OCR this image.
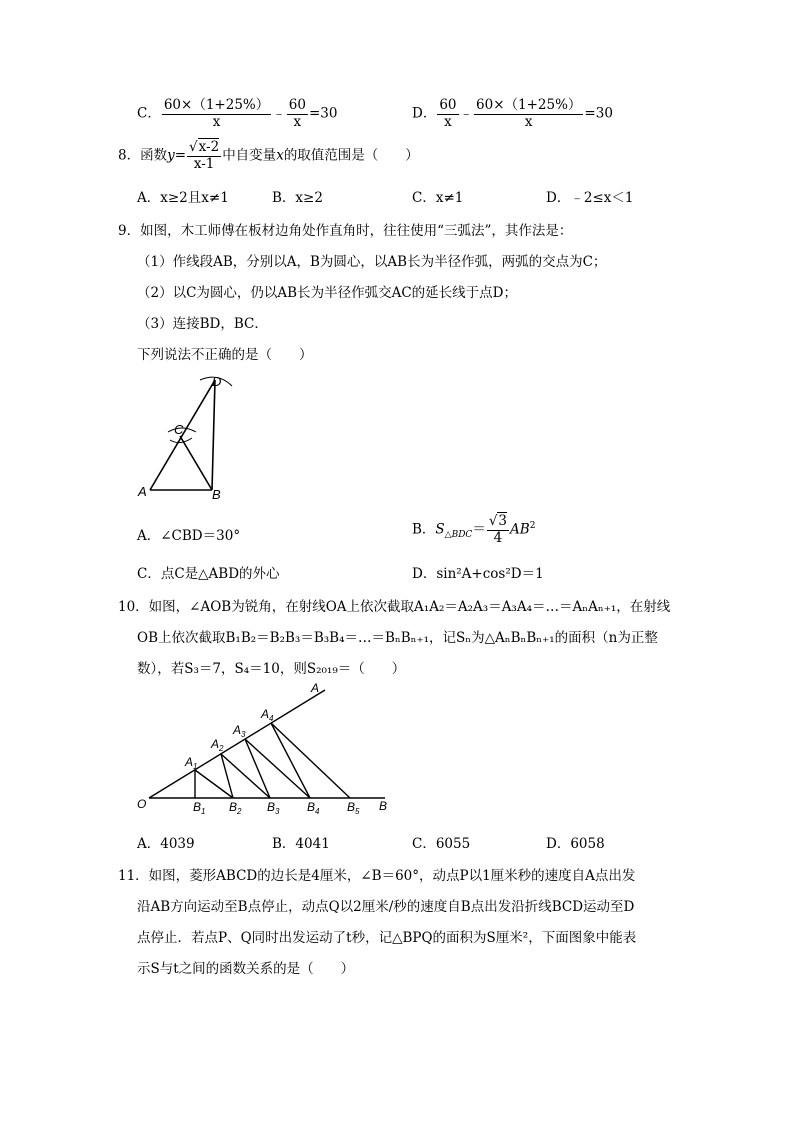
C． $\frac{60\times(1+25\%)}{x}$ ﹣ $\frac{60}{x} =30$	D． $\frac{60}{x}$ ﹣ $\frac{60\times(1+25\%)}{x} =30$
8．函数$y= \frac{√x-2}{x-1}$ 中自变量x的取值范围是（　　）
A．x≥2且x≠1	B．x≥2	C．x≠1	D．﹣2≤x＜1
9．如图，木工师傅在板材边角处作直角时，往往使用“三弧法”，其作法是：
（1）作线段AB，分别以A，B为圆心，以AB长为半径作弧，两弧的交点为C；
（2）以C为圆心，仍以AB长为半径作弧交AC的延长线于点D；
（3）连接BD，BC．
下列说法不正确的是（　　）
D
C
A	B
A．∠CBD＝30°	B．$S_{\triangle BDC}= \frac{√3}{4} AB^2$
C．点C是△ABD的外心	D．sin²A+cos²D＝1
10．如图，∠AOB为锐角，在射线OA上依次截取A₁A₂＝A₂A₃＝A₃A₄＝…＝AₙAₙ₊₁，在射线
OB上依次截取B₁B₂＝B₂B₃＝B₃B₄＝…＝BₙBₙ₊₁，记Sₙ为△AₙBₙBₙ₊₁的面积（n为正整
数），若S₃＝7，S₄＝10，则S₂₀₁₉＝（　　）
O
A
B
$A_1$
$A_2$
$A_3$
$A_4$
$B_1$ $B_2$ $B_3$ $B_4$ $B_5$
A．4039	B．4041	C．6055	D．6058
11．如图，菱形ABCD的边长是4厘米，∠B＝60°，动点P以1厘米秒的速度自A点出发
沿AB方向运动至B点停止，动点Q以2厘米/秒的速度自B点出发沿折线BCD运动至D
点停止．若点P、Q同时出发运动了t秒，记△BPQ的面积为S厘米²，下面图象中能表
示S与t之间的函数关系的是（　　）
